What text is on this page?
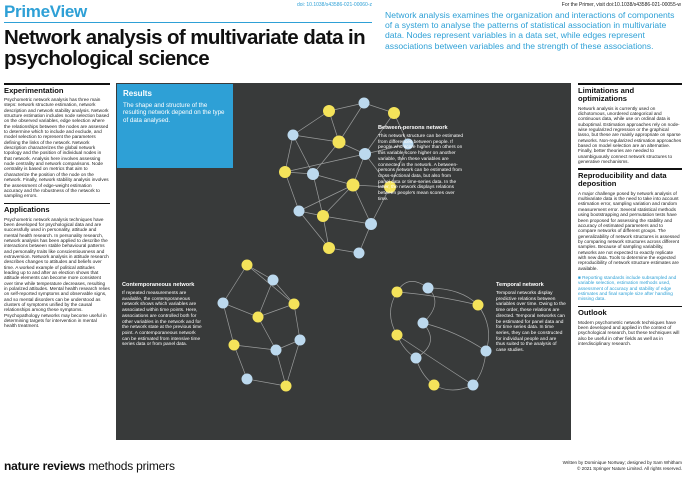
PrimeView	doi: 10.1038/s43586-021-00060-z	For the Primer, visit doi:10.1038/s43586-021-00055-w
Network analysis of multivariate data in psychological science
Network analysis examines the organization and interactions of components of a system to analyse the patterns of statistical association in multivariate data. Nodes represent variables in a data set, while edges represent associations between variables and the strength of these associations.
Experimentation
Psychometric network analysis has three main steps: network structure estimation, network description and network stability analysis. Network structure estimation includes node selection based on the observed variables, edge selection where the relationships between the nodes are assessed to determine which to include and exclude, and model selection to represent the parameters defining the links of the network. Network description characterizes the global network topology and the position of individual nodes in that network. Analysis here involves assessing node centrality and network comparisons. Node centrality is based on metrics that aim to characterize the position of the node on the network. Finally, network stability analysis involves the assessment of edge-weight estimation accuracy and the robustness of the network to sampling errors.
Applications
Psychometric network analysis techniques have been developed for psychological data and are successfully used in personality, attitude and mental health research. In personality research, network analysis has been applied to describe the interactions between stable behavioural patterns and personality traits like conscientiousness and extraversion. Network analysis in attitude research describes changes to attitudes and beliefs over time. A worked example of political attitudes leading up to and after an election shows that attitude elements can become more consistent over time while temperature decreases, resulting in polarized attitudes. Mental health research relies on self-reported symptoms and observable signs, and so mental disorders can be understood as clusters of symptoms unified by the causal relationships among these symptoms. Psychopathology networks may become useful in determining targets for intervention in mental health treatment.
Results
The shape and structure of the resulting network depend on the type of data analysed.
Between-persons network
This network structure can be estimated from differences between people. If people who score higher than others on this variable score higher on another variable, then these variables are connected in the network. A between-persons network can be estimated from cross-sectional data, but also from panel data or time-series data. In the latter, the network displays relations between people's mean scores over time.
Contemporaneous network
If repeated measurements are available, the contemporaneous network shows which variables are associated within time points. Here, associations are controlled both for other variables in the network and for the network state at the previous time point. A contemporaneous network can be estimated from intensive time series data or from panel data.
Temporal network
Temporal networks display predictive relations between variables over time. Owing to the time order, these relations are directed. Temporal networks can be estimated for panel data and for time series data. In time series, they can be constructed for individual people and are thus suited to the analysis of case studies.
Limitations and optimizations
Network analysis is currently used on dichotomous, unordered categorical and continuous data, while use on ordinal data is suboptimal. Estimation approaches rely on node-wise regularized regression or the graphical lasso, but these are mainly appropriate on sparse networks. Non-regularized estimation approaches based on model selection are an alternative. Finally, better theories are needed to unambiguously connect network structures to generative mechanisms.
Reproducibility and data deposition
A major challenge posed by network analysis of multivariate data is the need to take into account estimation error, sampling variation and random measurement error. Several statistical methods using bootstrapping and permutation tests have been proposed for assessing the stability and accuracy of estimated parameters and to compare networks of different groups. The generalizability of network structures is assessed by comparing network structures across different samples. Because of sampling variability, networks are not expected to exactly replicate with new data. Tools to determine the expected reproducibility of network structure estimates are available.
■ Reporting standards include subsampled and variable selection, estimation methods used, assessment of accuracy and stability of edge estimates and final sample size after handling missing data.
Outlook
Modern psychometric network techniques have been developed and applied in the context of psychological research, but these techniques will also be useful in other fields as well as in interdisciplinary research.
nature reviews methods primers	Written by Dominique Nortway; designed by Sam Whitham
© 2021 Springer Nature Limited. All rights reserved.
